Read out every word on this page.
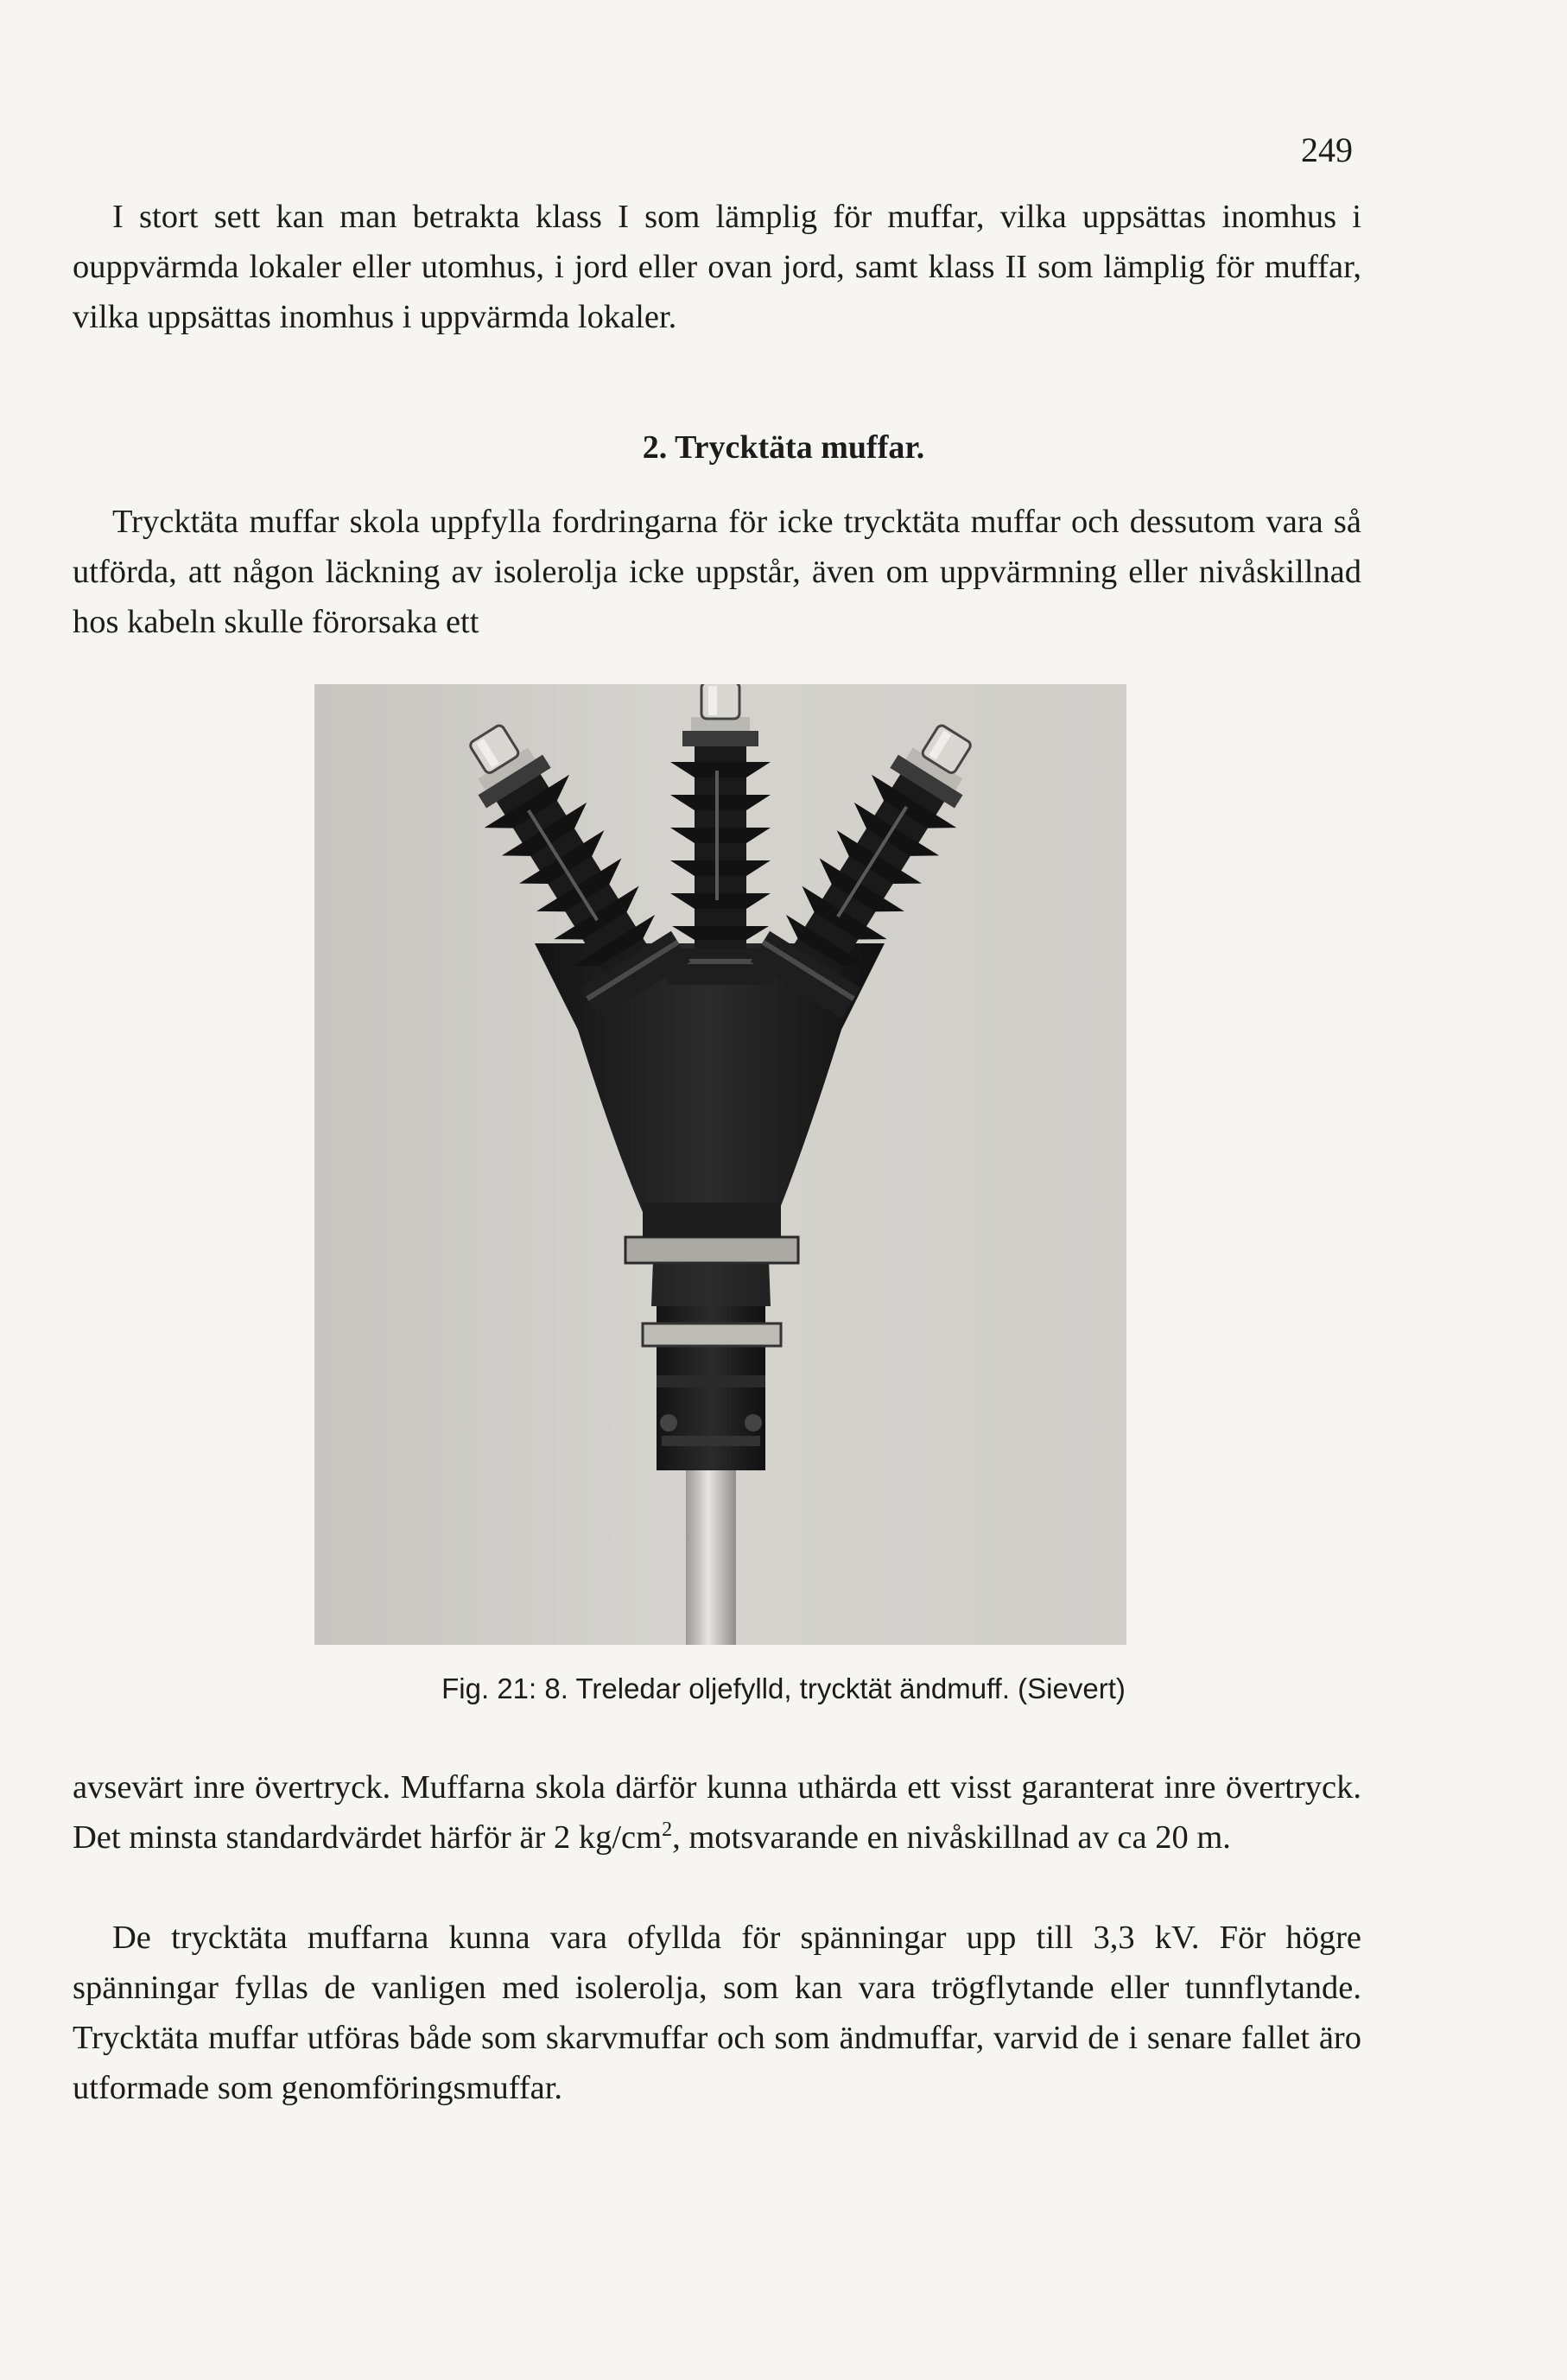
249

I stort sett kan man betrakta klass I som lämplig för muffar, vilka uppsättas inomhus i ouppvärmda lokaler eller utomhus, i jord eller ovan jord, samt klass II som lämplig för muffar, vilka uppsättas inomhus i uppvärmda lokaler.

2. Trycktäta muffar.

Trycktäta muffar skola uppfylla fordringarna för icke trycktäta muffar och dessutom vara så utförda, att någon läckning av isolerolja icke uppstår, även om uppvärmning eller nivåskillnad hos kabeln skulle förorsaka ett

Fig. 21: 8. Treledar oljefylld, trycktät ändmuff. (Sievert)

avsevärt inre övertryck. Muffarna skola därför kunna uthärda ett visst garanterat inre övertryck. Det minsta standardvärdet härför är 2 $kg/cm^2$, motsvarande en nivåskillnad av ca 20 m.

De trycktäta muffarna kunna vara ofyllda för spänningar upp till 3,3 kV. För högre spänningar fyllas de vanligen med isolerolja, som kan vara trögflytande eller tunnflytande. Trycktäta muffar utföras både som skarvmuffar och som ändmuffar, varvid de i senare fallet äro utformade som genomföringsmuffar.
